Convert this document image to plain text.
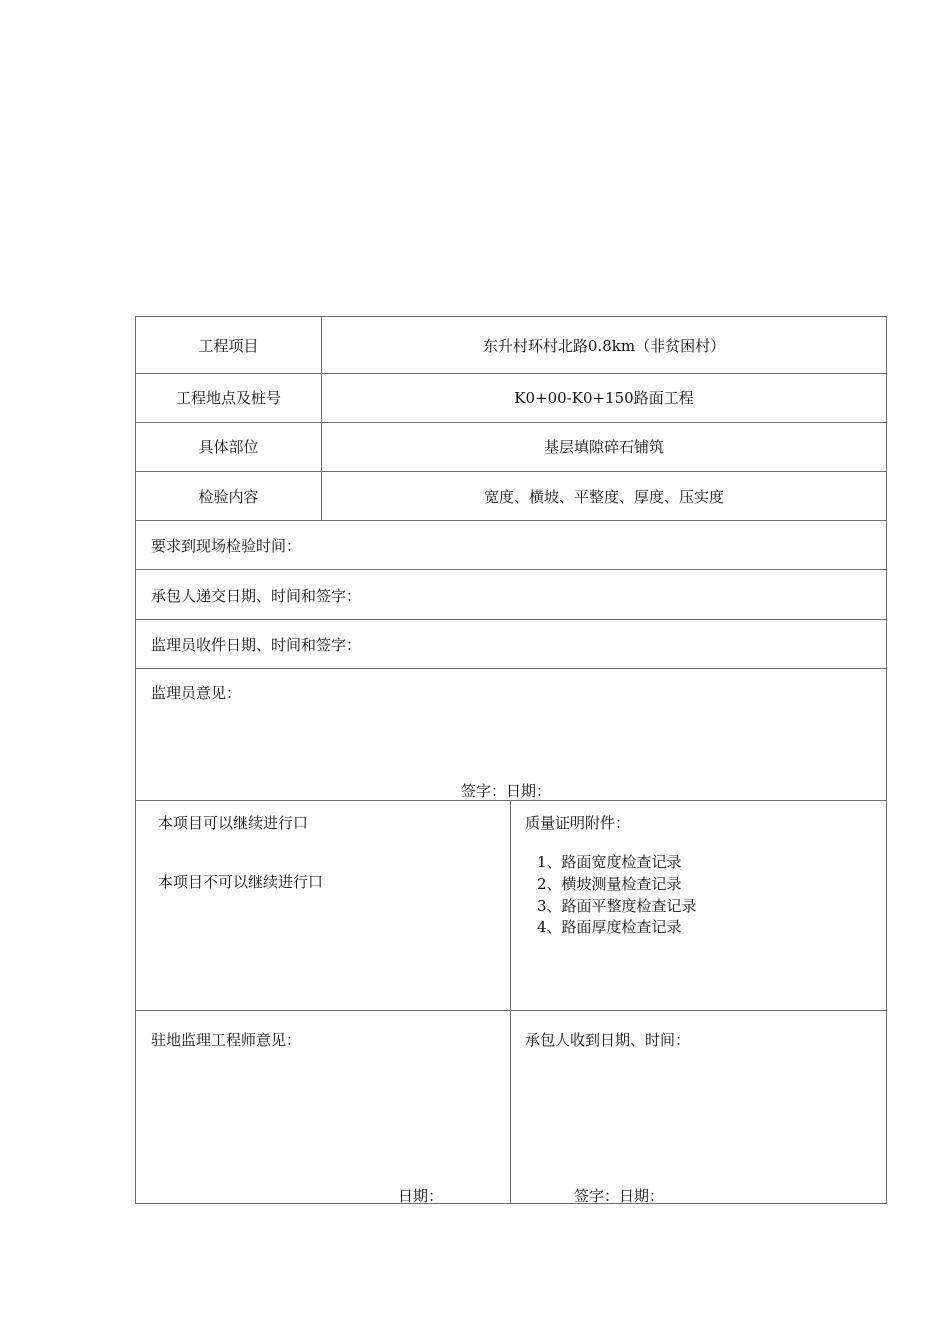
工程项目	东升村环村北路0.8km（非贫困村）
工程地点及桩号	K0+00-K0+150路面工程
具体部位	基层填隙碎石铺筑
检验内容	宽度、横坡、平整度、厚度、压实度
要求到现场检验时间：
承包人递交日期、时间和签字：
监理员收件日期、时间和签字：
监理员意见：
签字：日期：
本项目可以继续进行口
本项目不可以继续进行口
质量证明附件：
1、路面宽度检查记录
2、横坡测量检查记录
3、路面平整度检查记录
4、路面厚度检查记录
驻地监理工程师意见：
日期：
承包人收到日期、时间：
签字：日期：
